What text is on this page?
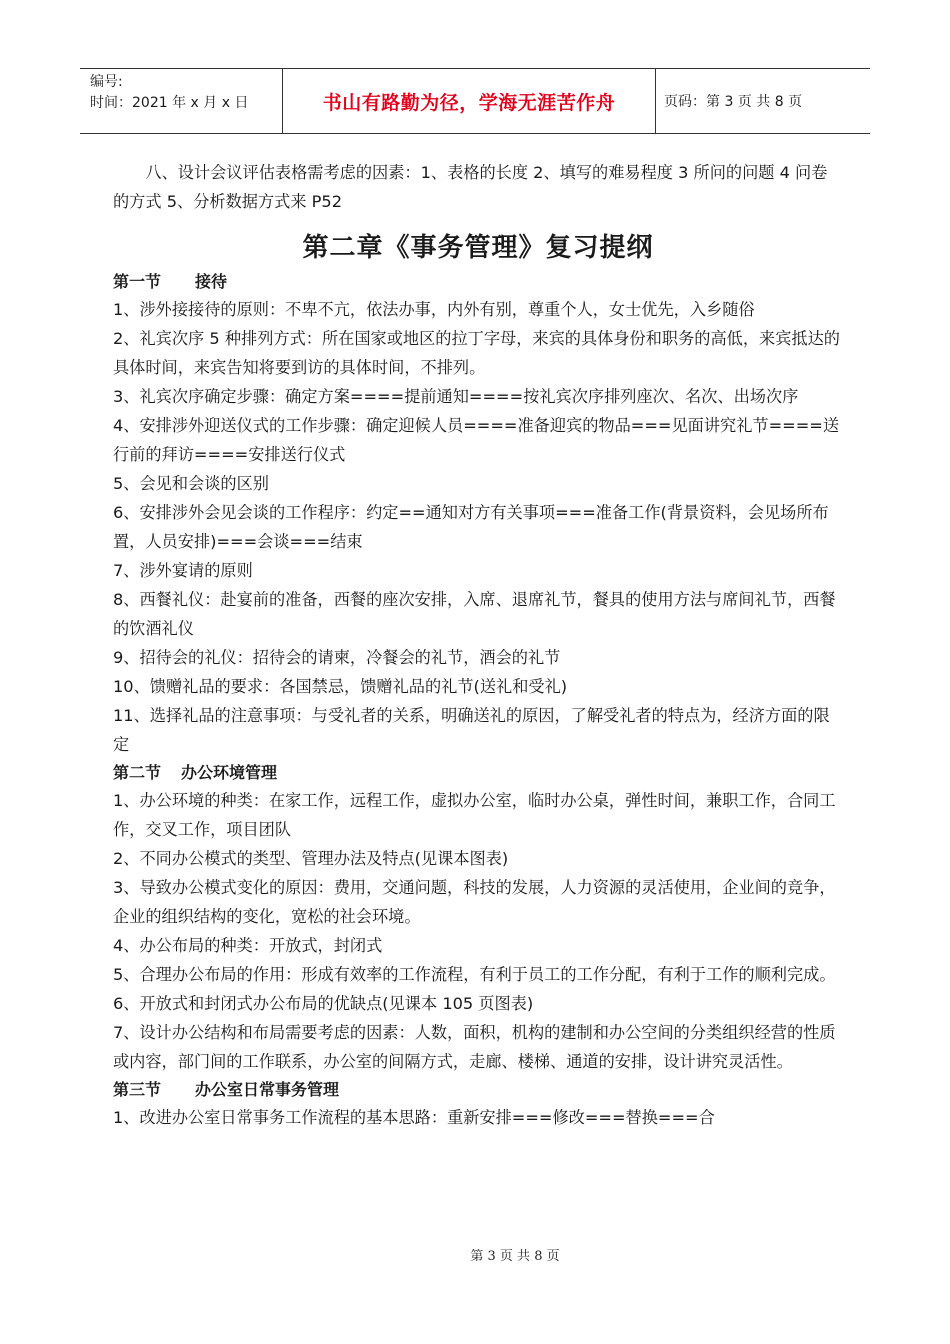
编号:
时间：2021 年 x 月 x 日	书山有路勤为径，学海无涯苦作舟	页码：第 3 页 共 8 页

八、设计会议评估表格需考虑的因素：1、表格的长度 2、填写的难易程度 3 所问的问题 4 问卷的方式 5、分析数据方式来 P52

第二章《事务管理》复习提纲

第一节 接待

1、涉外接接待的原则：不卑不亢，依法办事，内外有别，尊重个人，女士优先，入乡随俗

2、礼宾次序 5 种排列方式：所在国家或地区的拉丁字母，来宾的具体身份和职务的高低，来宾抵达的具体时间，来宾告知将要到访的具体时间，不排列。

3、礼宾次序确定步骤：确定方案====提前通知====按礼宾次序排列座次、名次、出场次序

4、安排涉外迎送仪式的工作步骤：确定迎候人员====准备迎宾的物品===见面讲究礼节====送行前的拜访====安排送行仪式

5、会见和会谈的区别

6、安排涉外会见会谈的工作程序：约定==通知对方有关事项===准备工作(背景资料，会见场所布置，人员安排)===会谈===结束

7、涉外宴请的原则

8、西餐礼仪：赴宴前的准备，西餐的座次安排，入席、退席礼节，餐具的使用方法与席间礼节，西餐的饮酒礼仪

9、招待会的礼仪：招待会的请柬，冷餐会的礼节，酒会的礼节

10、馈赠礼品的要求：各国禁忌，馈赠礼品的礼节(送礼和受礼)

11、选择礼品的注意事项：与受礼者的关系，明确送礼的原因，了解受礼者的特点为，经济方面的限定

第二节 办公环境管理

1、办公环境的种类：在家工作，远程工作，虚拟办公室，临时办公桌，弹性时间，兼职工作，合同工作，交叉工作，项目团队

2、不同办公模式的类型、管理办法及特点(见课本图表)

3、导致办公模式变化的原因：费用，交通问题，科技的发展，人力资源的灵活使用，企业间的竞争，企业的组织结构的变化，宽松的社会环境。

4、办公布局的种类：开放式，封闭式

5、合理办公布局的作用：形成有效率的工作流程，有利于员工的工作分配，有利于工作的顺利完成。

6、开放式和封闭式办公布局的优缺点(见课本 105 页图表)

7、设计办公结构和布局需要考虑的因素：人数，面积，机构的建制和办公空间的分类组织经营的性质或内容，部门间的工作联系，办公室的间隔方式，走廊、楼梯、通道的安排，设计讲究灵活性。

第三节 办公室日常事务管理

1、改进办公室日常事务工作流程的基本思路：重新安排===修改===替换===合

第 3 页 共 8 页
